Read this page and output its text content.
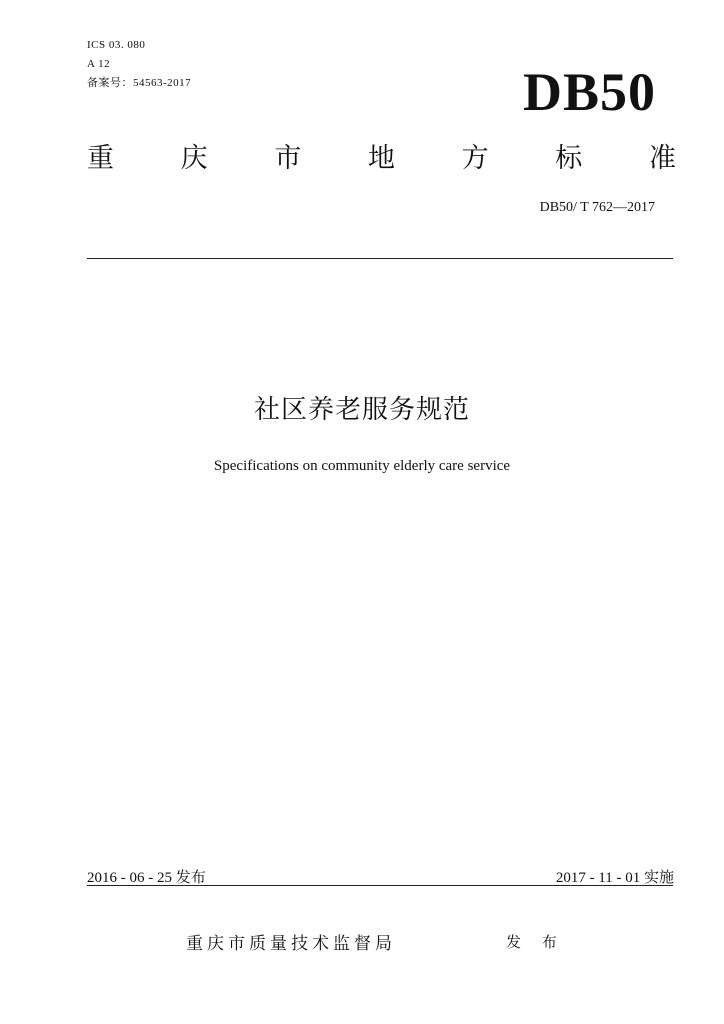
ICS 03. 080
A 12
备案号：54563-2017	DB50
重 庆 市 地 方 标 准
DB50/ T 762—2017
社区养老服务规范
Specifications on community elderly care service
2016 - 06 - 25 发布	2017 - 11 - 01 实施
重庆市质量技术监督局	发 布
